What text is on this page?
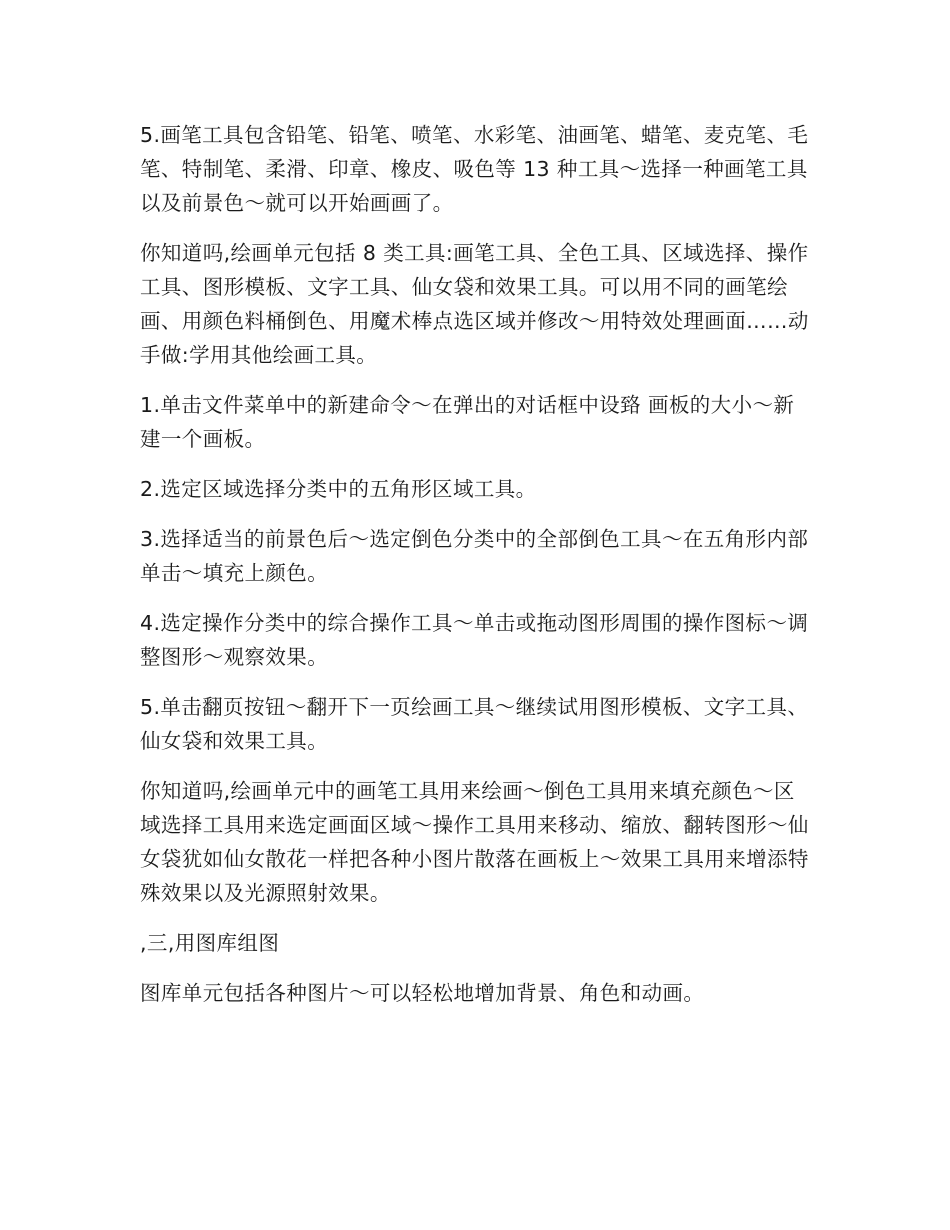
5.画笔工具包含铅笔、铅笔、喷笔、水彩笔、油画笔、蜡笔、麦克笔、毛笔、特制笔、柔滑、印章、橡皮、吸色等 13 种工具～选择一种画笔工具以及前景色～就可以开始画画了。

你知道吗,绘画单元包括 8 类工具:画笔工具、全色工具、区域选择、操作工具、图形模板、文字工具、仙女袋和效果工具。可以用不同的画笔绘画、用颜色料桶倒色、用魔术棒点选区域并修改～用特效处理画面……动手做:学用其他绘画工具。

1.单击文件菜单中的新建命令～在弹出的对话框中设臵 画板的大小～新建一个画板。

2.选定区域选择分类中的五角形区域工具。

3.选择适当的前景色后～选定倒色分类中的全部倒色工具～在五角形内部单击～填充上颜色。

4.选定操作分类中的综合操作工具～单击或拖动图形周围的操作图标～调整图形～观察效果。

5.单击翻页按钮～翻开下一页绘画工具～继续试用图形模板、文字工具、仙女袋和效果工具。

你知道吗,绘画单元中的画笔工具用来绘画～倒色工具用来填充颜色～区域选择工具用来选定画面区域～操作工具用来移动、缩放、翻转图形～仙女袋犹如仙女散花一样把各种小图片散落在画板上～效果工具用来增添特殊效果以及光源照射效果。

,三,用图库组图

图库单元包括各种图片～可以轻松地增加背景、角色和动画。
